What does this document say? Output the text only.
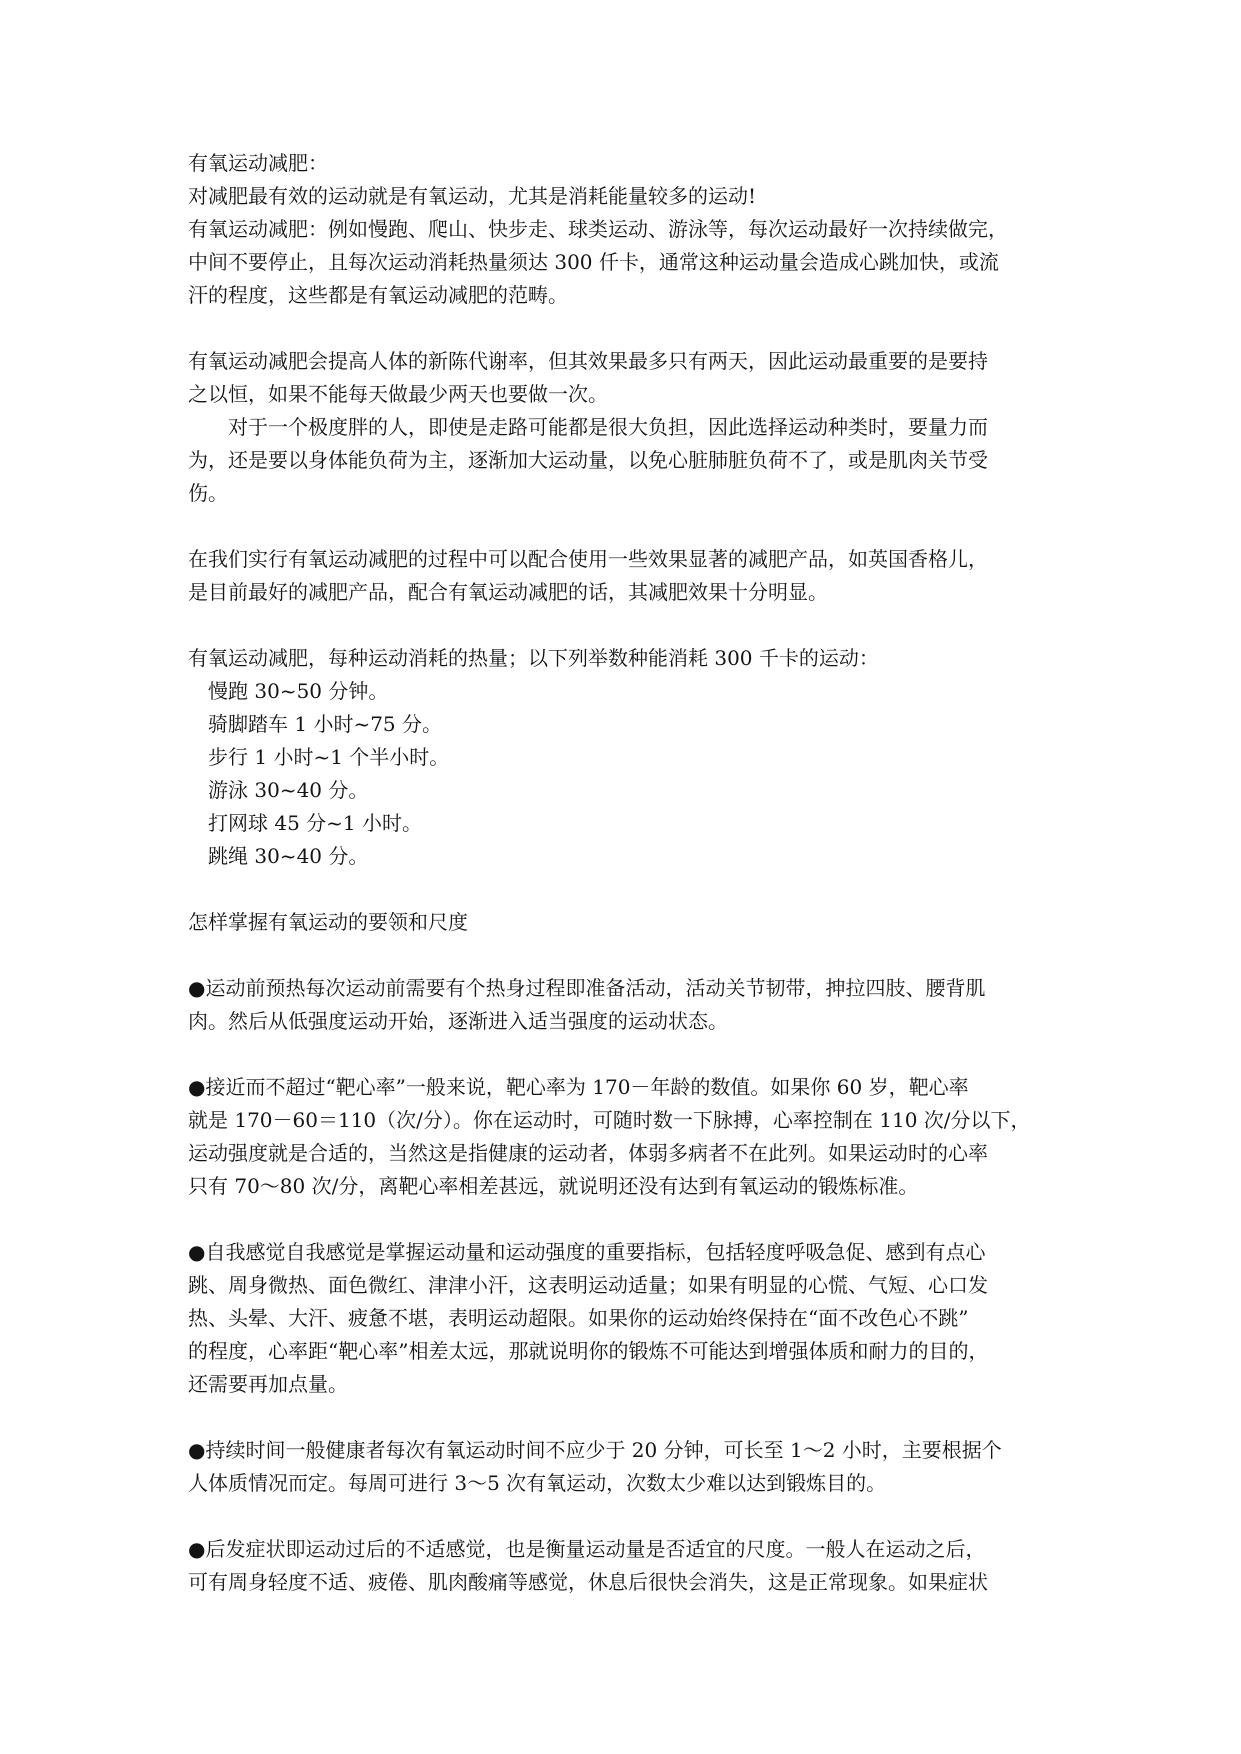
有氧运动减肥：
对减肥最有效的运动就是有氧运动，尤其是消耗能量较多的运动!
有氧运动减肥：例如慢跑、爬山、快步走、球类运动、游泳等，每次运动最好一次持续做完，
中间不要停止，且每次运动消耗热量须达 300 仟卡，通常这种运动量会造成心跳加快，或流
汗的程度，这些都是有氧运动减肥的范畴。
有氧运动减肥会提高人体的新陈代谢率，但其效果最多只有两天，因此运动最重要的是要持
之以恒，如果不能每天做最少两天也要做一次。
对于一个极度胖的人，即使是走路可能都是很大负担，因此选择运动种类时，要量力而
为，还是要以身体能负荷为主，逐渐加大运动量，以免心脏肺脏负荷不了，或是肌肉关节受
伤。
在我们实行有氧运动减肥的过程中可以配合使用一些效果显著的减肥产品，如英国香格儿，
是目前最好的减肥产品，配合有氧运动减肥的话，其减肥效果十分明显。
有氧运动减肥，每种运动消耗的热量；以下列举数种能消耗 300 千卡的运动：
慢跑 30~50 分钟。
骑脚踏车 1 小时~75 分。
步行 1 小时~1 个半小时。
游泳 30~40 分。
打网球 45 分~1 小时。
跳绳 30~40 分。
怎样掌握有氧运动的要领和尺度
●运动前预热每次运动前需要有个热身过程即准备活动，活动关节韧带，抻拉四肢、腰背肌
肉。然后从低强度运动开始，逐渐进入适当强度的运动状态。
●接近而不超过“靶心率”一般来说，靶心率为 170－年龄的数值。如果你 60 岁，靶心率
就是 170－60＝110（次/分）。你在运动时，可随时数一下脉搏，心率控制在 110 次/分以下，
运动强度就是合适的，当然这是指健康的运动者，体弱多病者不在此列。如果运动时的心率
只有 70～80 次/分，离靶心率相差甚远，就说明还没有达到有氧运动的锻炼标准。
●自我感觉自我感觉是掌握运动量和运动强度的重要指标，包括轻度呼吸急促、感到有点心
跳、周身微热、面色微红、津津小汗，这表明运动适量；如果有明显的心慌、气短、心口发
热、头晕、大汗、疲惫不堪，表明运动超限。如果你的运动始终保持在“面不改色心不跳”
的程度，心率距“靶心率”相差太远，那就说明你的锻炼不可能达到增强体质和耐力的目的，
还需要再加点量。
●持续时间一般健康者每次有氧运动时间不应少于 20 分钟，可长至 1～2 小时，主要根据个
人体质情况而定。每周可进行 3～5 次有氧运动，次数太少难以达到锻炼目的。
●后发症状即运动过后的不适感觉，也是衡量运动量是否适宜的尺度。一般人在运动之后，
可有周身轻度不适、疲倦、肌肉酸痛等感觉，休息后很快会消失，这是正常现象。如果症状
